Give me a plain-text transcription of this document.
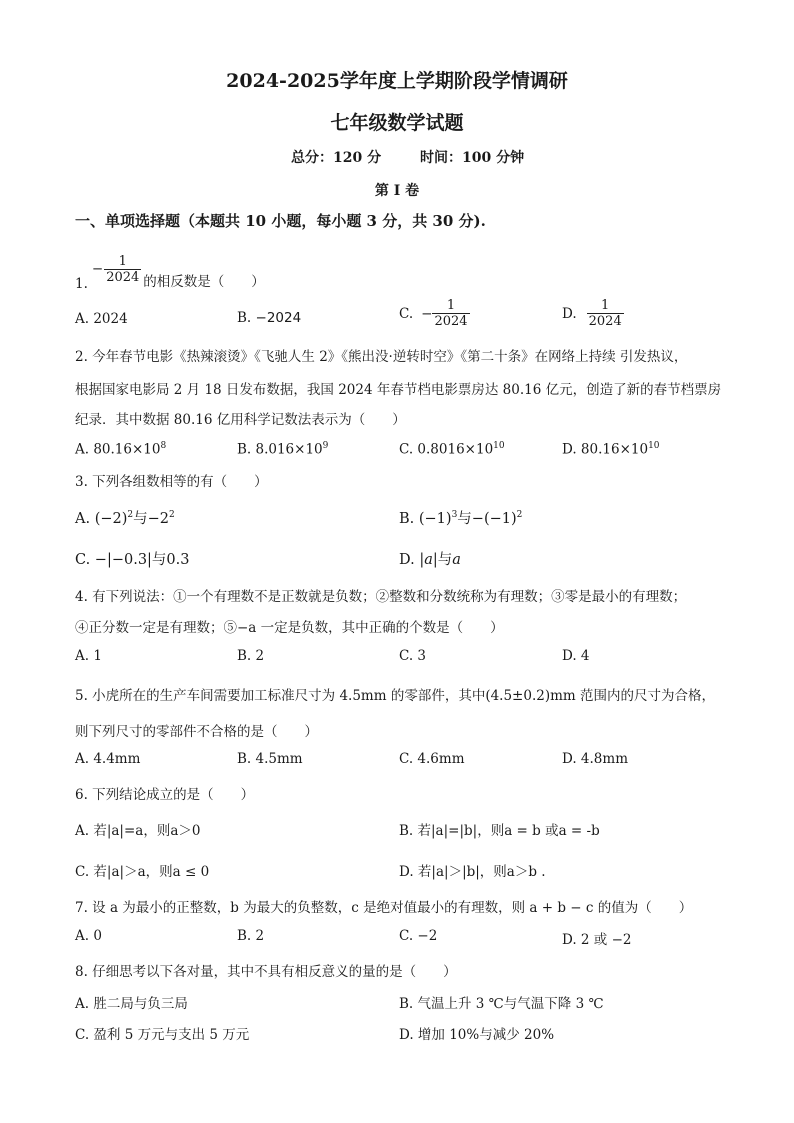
2024-2025学年度上学期阶段学情调研
七年级数学试题
总分：120 分	时间：100 分钟
第 I 卷
一、单项选择题（本题共 10 小题，每小题 3 分，共 30 分).
1.
− $\frac{1}{2024}$ 的相反数是（　　）
A. 2024	B. −2024	C. − $\frac{1}{2024}$	D. $\frac{1}{2024}$
2. 今年春节电影《热辣滚烫》《飞驰人生 2》《熊出没·逆转时空》《第二十条》在网络上持续 引发热议，
根据国家电影局 2 月 18 日发布数据，我国 2024 年春节档电影票房达 80.16 亿元，创造了新的春节档票房
纪录．其中数据 80.16 亿用科学记数法表示为（　　）
A. $80.16\times 10^8$	B. $8.016\times 10^9$	C. $0.8016\times 10^{10}$	D. $80.16\times 10^{10}$
3. 下列各组数相等的有（　　）
A. $(-2)^2$与$-2^2$	B. $(-1)^3$与$-(-1)^2$
C. −|−0.3|与0.3	D. |a|与a
4. 有下列说法：①一个有理数不是正数就是负数；②整数和分数统称为有理数；③零是最小的有理数；
④正分数一定是有理数；⑤−a 一定是负数，其中正确的个数是（　　）
A. 1	B. 2	C. 3	D. 4
5. 小虎所在的生产车间需要加工标准尺寸为 4.5mm 的零部件，其中(4.5±0.2)mm 范围内的尺寸为合格，
则下列尺寸的零部件不合格的是（　　）
A. 4.4mm	B. 4.5mm	C. 4.6mm	D. 4.8mm
6. 下列结论成立的是（　　）
A. 若|a|=a，则a＞0	B. 若|a|=|b|，则a = b 或a = -b
C. 若|a|＞a，则a ≤ 0	D. 若|a|＞|b|，则a＞b .
7. 设 a 为最小的正整数，b 为最大的负整数，c 是绝对值最小的有理数，则 a + b − c 的值为（　　）
A. 0	B. 2	C. −2	D. 2 或 −2
8. 仔细思考以下各对量，其中不具有相反意义的量的是（　　）
A. 胜二局与负三局	B. 气温上升 3 ℃与气温下降 3 ℃
C. 盈利 5 万元与支出 5 万元	D. 增加 10%与减少 20%
